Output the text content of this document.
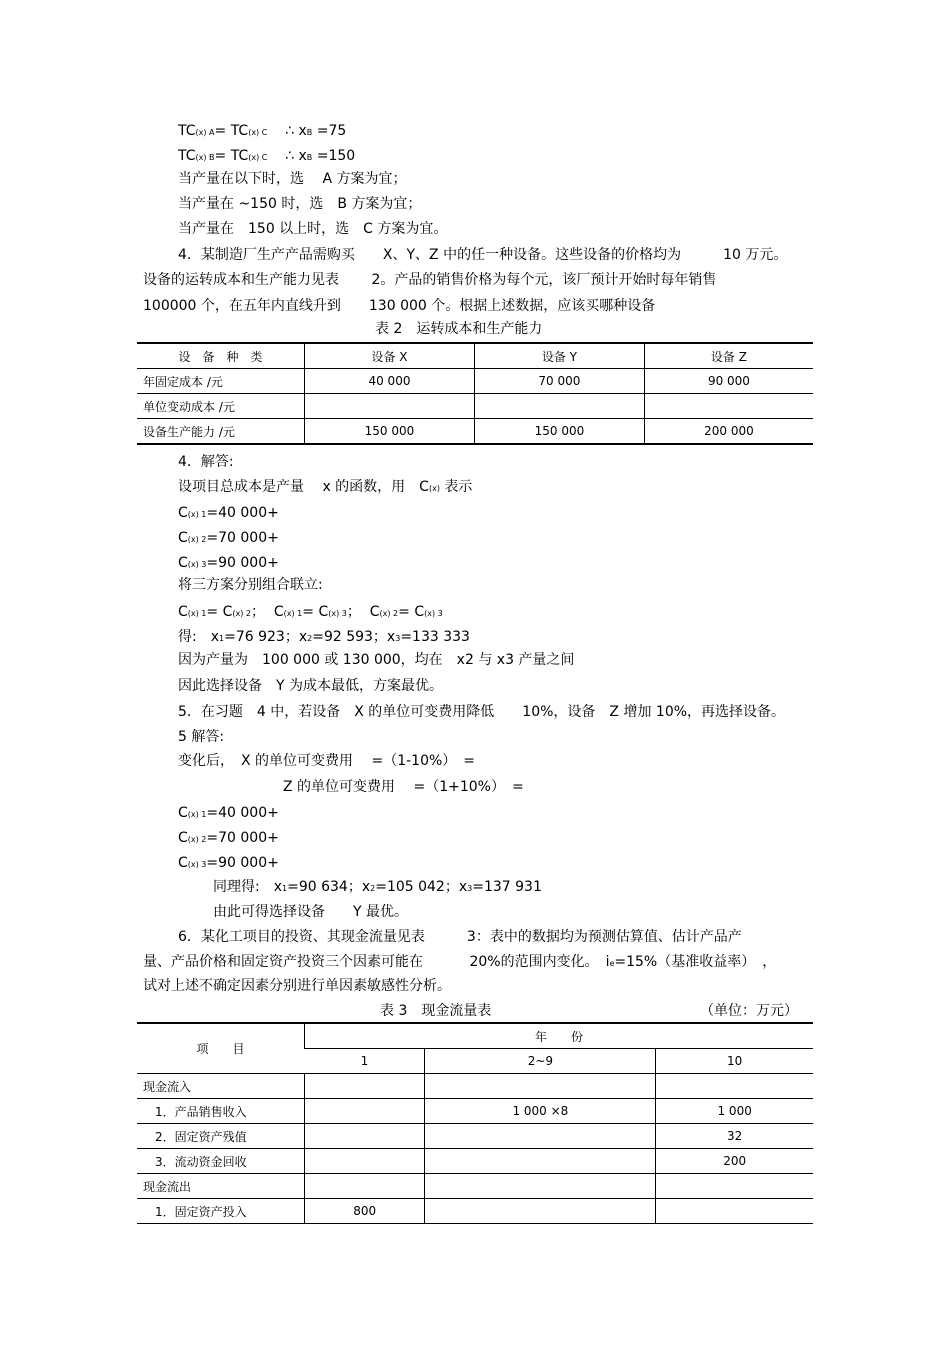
TC(x) A= TC(x) C    ∴ xB =75
TC(x) B= TC(x) C    ∴ xB =150
当产量在以下时，选　 A 方案为宜；
当产量在 ~150 时，选　B 方案为宜；
当产量在　150 以上时，选　C 方案为宜。
4．某制造厂生产产品需购买　　X、Y、Z 中的任一种设备。这些设备的价格均为　　　10 万元。
设备的运转成本和生产能力见表　　 2。产品的销售价格为每个元，该厂预计开始时每年销售
100000 个，在五年内直线升到　　130 000 个。根据上述数据，应该买哪种设备
表 2　运转成本和生产能力
设　备　种　类	设备 X	设备 Y	设备 Z
年固定成本 /元	40 000	70 000	90 000
单位变动成本 /元			
设备生产能力 /元	150 000	150 000	200 000
4．解答:
设项目总成本是产量　 x 的函数，用　C(x) 表示
C(x) 1=40 000+
C(x) 2=70 000+
C(x) 3=90 000+
将三方案分别组合联立:
C(x) 1= C(x) 2；  C(x) 1= C(x) 3；  C(x) 2= C(x) 3
得:　x1=76 923；x2=92 593；x3=133 333
因为产量为　100 000 或 130 000，均在　x2 与 x3 产量之间
因此选择设备　Y 为成本最低，方案最优。
5．在习题　4 中，若设备　X 的单位可变费用降低　　10%，设备　Z 增加 10%，再选择设备。
5 解答:
变化后，　X 的单位可变费用　 =（1-10%）　=
Z 的单位可变费用　 =（1+10%）　=
C(x) 1=40 000+
C(x) 2=70 000+
C(x) 3=90 000+
同理得:　x1=90 634；x2=105 042；x3=137 931
由此可得选择设备　　Y 最优。
6．某化工项目的投资、其现金流量见表　　　3：表中的数据均为预测估算值、估计产品产
量、产品价格和固定资产投资三个因素可能在　　　 20%的范围内变化。　ie=15%（基准收益率）　，
试对上述不确定因素分别进行单因素敏感性分析。
表 3　现金流量表	（单位：万元）
项　　目	年　　份		
	1	2~9	10
现金流入			
　1．产品销售收入		1 000 ×8	1 000
　2．固定资产残值			32
　3．流动资金回收			200
现金流出			
　1．固定资产投入	800		
